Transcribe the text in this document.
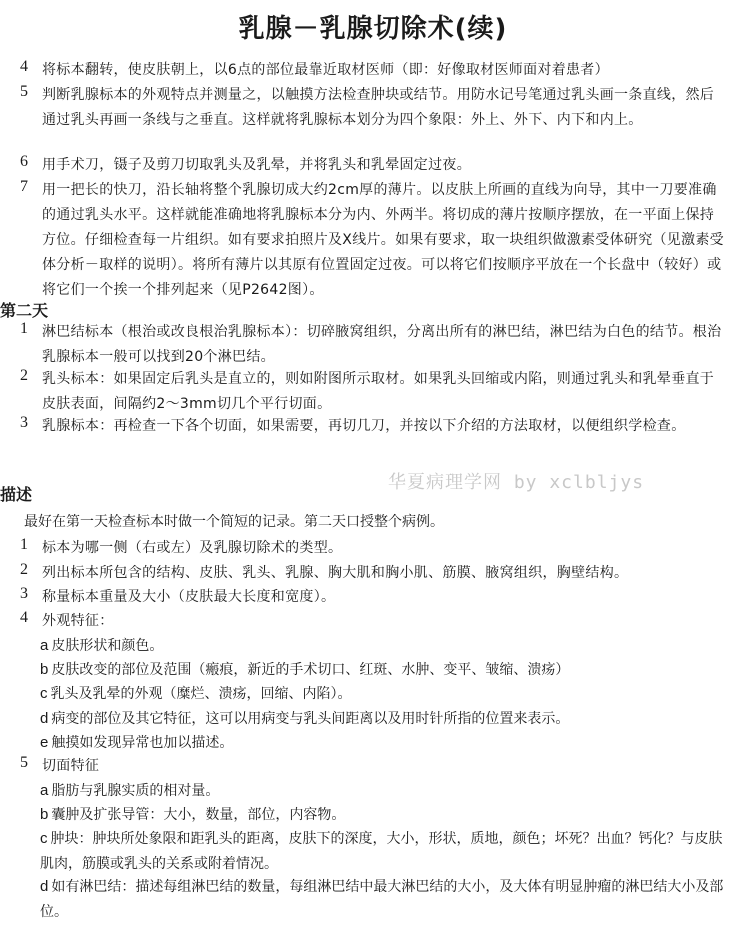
乳腺－乳腺切除术(续)
4	将标本翻转，使皮肤朝上，以6点的部位最靠近取材医师（即：好像取材医师面对着患者）
5	判断乳腺标本的外观特点并测量之，以触摸方法检查肿块或结节。用防水记号笔通过乳头画一条直线，然后通过乳头再画一条线与之垂直。这样就将乳腺标本划分为四个象限：外上、外下、内下和内上。
6	用手术刀，镊子及剪刀切取乳头及乳晕，并将乳头和乳晕固定过夜。
7	用一把长的快刀，沿长轴将整个乳腺切成大约2cm厚的薄片。以皮肤上所画的直线为向导，其中一刀要准确的通过乳头水平。这样就能准确地将乳腺标本分为内、外两半。将切成的薄片按顺序摆放，在一平面上保持方位。仔细检查每一片组织。如有要求拍照片及X线片。如果有要求，取一块组织做激素受体研究（见激素受体分析－取样的说明）。将所有薄片以其原有位置固定过夜。可以将它们按顺序平放在一个长盘中（较好）或将它们一个挨一个排列起来（见P2642图）。
第二天
1	淋巴结标本（根治或改良根治乳腺标本）：切碎腋窝组织，分离出所有的淋巴结，淋巴结为白色的结节。根治乳腺标本一般可以找到20个淋巴结。
2	乳头标本：如果固定后乳头是直立的，则如附图所示取材。如果乳头回缩或内陷，则通过乳头和乳晕垂直于皮肤表面，间隔约2～3mm切几个平行切面。
3	乳腺标本：再检查一下各个切面，如果需要，再切几刀，并按以下介绍的方法取材，以便组织学检查。
华夏病理学网 by xclbljys
描述
最好在第一天检查标本时做一个简短的记录。第二天口授整个病例。
1	标本为哪一侧（右或左）及乳腺切除术的类型。
2	列出标本所包含的结构、皮肤、乳头、乳腺、胸大肌和胸小肌、筋膜、腋窝组织，胸壁结构。
3	称量标本重量及大小（皮肤最大长度和宽度）。
4	外观特征：
a 皮肤形状和颜色。
b 皮肤改变的部位及范围（瘢痕，新近的手术切口、红斑、水肿、变平、皱缩、溃疡）
c 乳头及乳晕的外观（糜烂、溃疡，回缩、内陷）。
d 病变的部位及其它特征，这可以用病变与乳头间距离以及用时针所指的位置来表示。
e 触摸如发现异常也加以描述。
5	切面特征
a 脂肪与乳腺实质的相对量。
b 囊肿及扩张导管：大小，数量，部位，内容物。
c 肿块：肿块所处象限和距乳头的距离，皮肤下的深度，大小，形状，质地，颜色；坏死？出血？钙化？与皮肤肌肉，筋膜或乳头的关系或附着情况。
d 如有淋巴结：描述每组淋巴结的数量，每组淋巴结中最大淋巴结的大小，及大体有明显肿瘤的淋巴结大小及部位。
